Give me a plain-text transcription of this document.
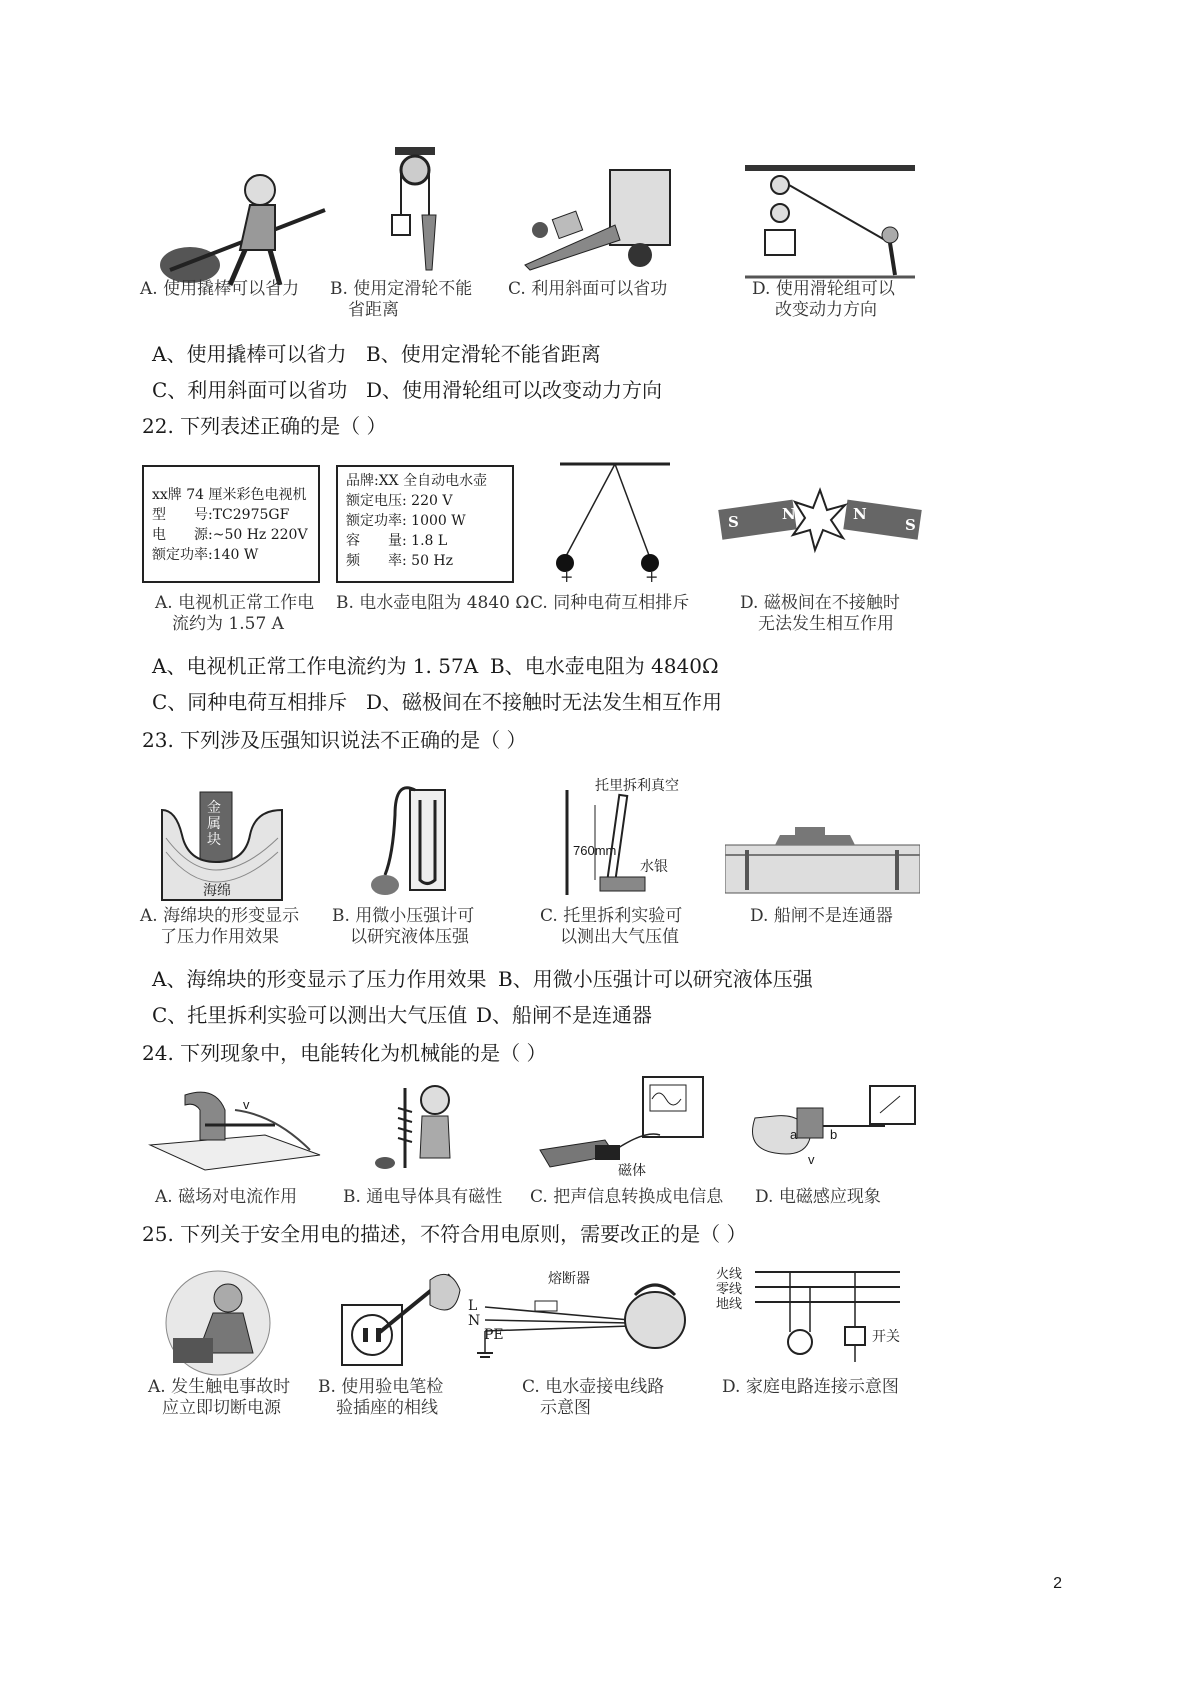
A. 使用撬棒可以省力 B. 使用定滑轮不能
省距离
C. 利用斜面可以省功	D. 使用滑轮组可以
改变动力方向
A、使用撬棒可以省力 B、使用定滑轮不能省距离
C、利用斜面可以省功 D、使用滑轮组可以改变动力方向
22. 下列表述正确的是（ ）
xx牌 74 厘米彩色电视机
型　　号:TC2975GF
电　　源:~50 Hz 220V
额定功率:140 W
品牌:XX 全自动电水壶
额定电压: 220 V
额定功率: 1000 W
容　　量: 1.8 L
频　　率: 50 Hz
+	+
S	N	N
S
A. 电视机正常工作电
流约为 1.57 A
B. 电水壶电阻为 4840 Ω C. 同种电荷互相排斥	D. 磁极间在不接触时
无法发生相互作用
A、电视机正常工作电流约为 1. 57A B、电水壶电阻为 4840Ω
C、同种电荷互相排斥 D、磁极间在不接触时无法发生相互作用
23. 下列涉及压强知识说法不正确的是（ ）
金属块
海绵
托里拆利真空
760mm
水银
A. 海绵块的形变显示
了压力作用效果
B. 用微小压强计可
以研究液体压强
C. 托里拆利实验可
以测出大气压值
D. 船闸不是连通器
A、海绵块的形变显示了压力作用效果 B、用微小压强计可以研究液体压强
C、托里拆利实验可以测出大气压值 D、船闸不是连通器
24. 下列现象中，电能转化为机械能的是（ ）
v
磁体
a	b
v
A. 磁场对电流作用	B. 通电导体具有磁性 C. 把声信息转换成电信息 D. 电磁感应现象
25. 下列关于安全用电的描述，不符合用电原则，需要改正的是（ ）
熔断器
L
N
PE
火线
零线
地线
开关
A. 发生触电事故时
应立即切断电源
B. 使用验电笔检
验插座的相线
C. 电水壶接电线路
示意图
D. 家庭电路连接示意图
2
